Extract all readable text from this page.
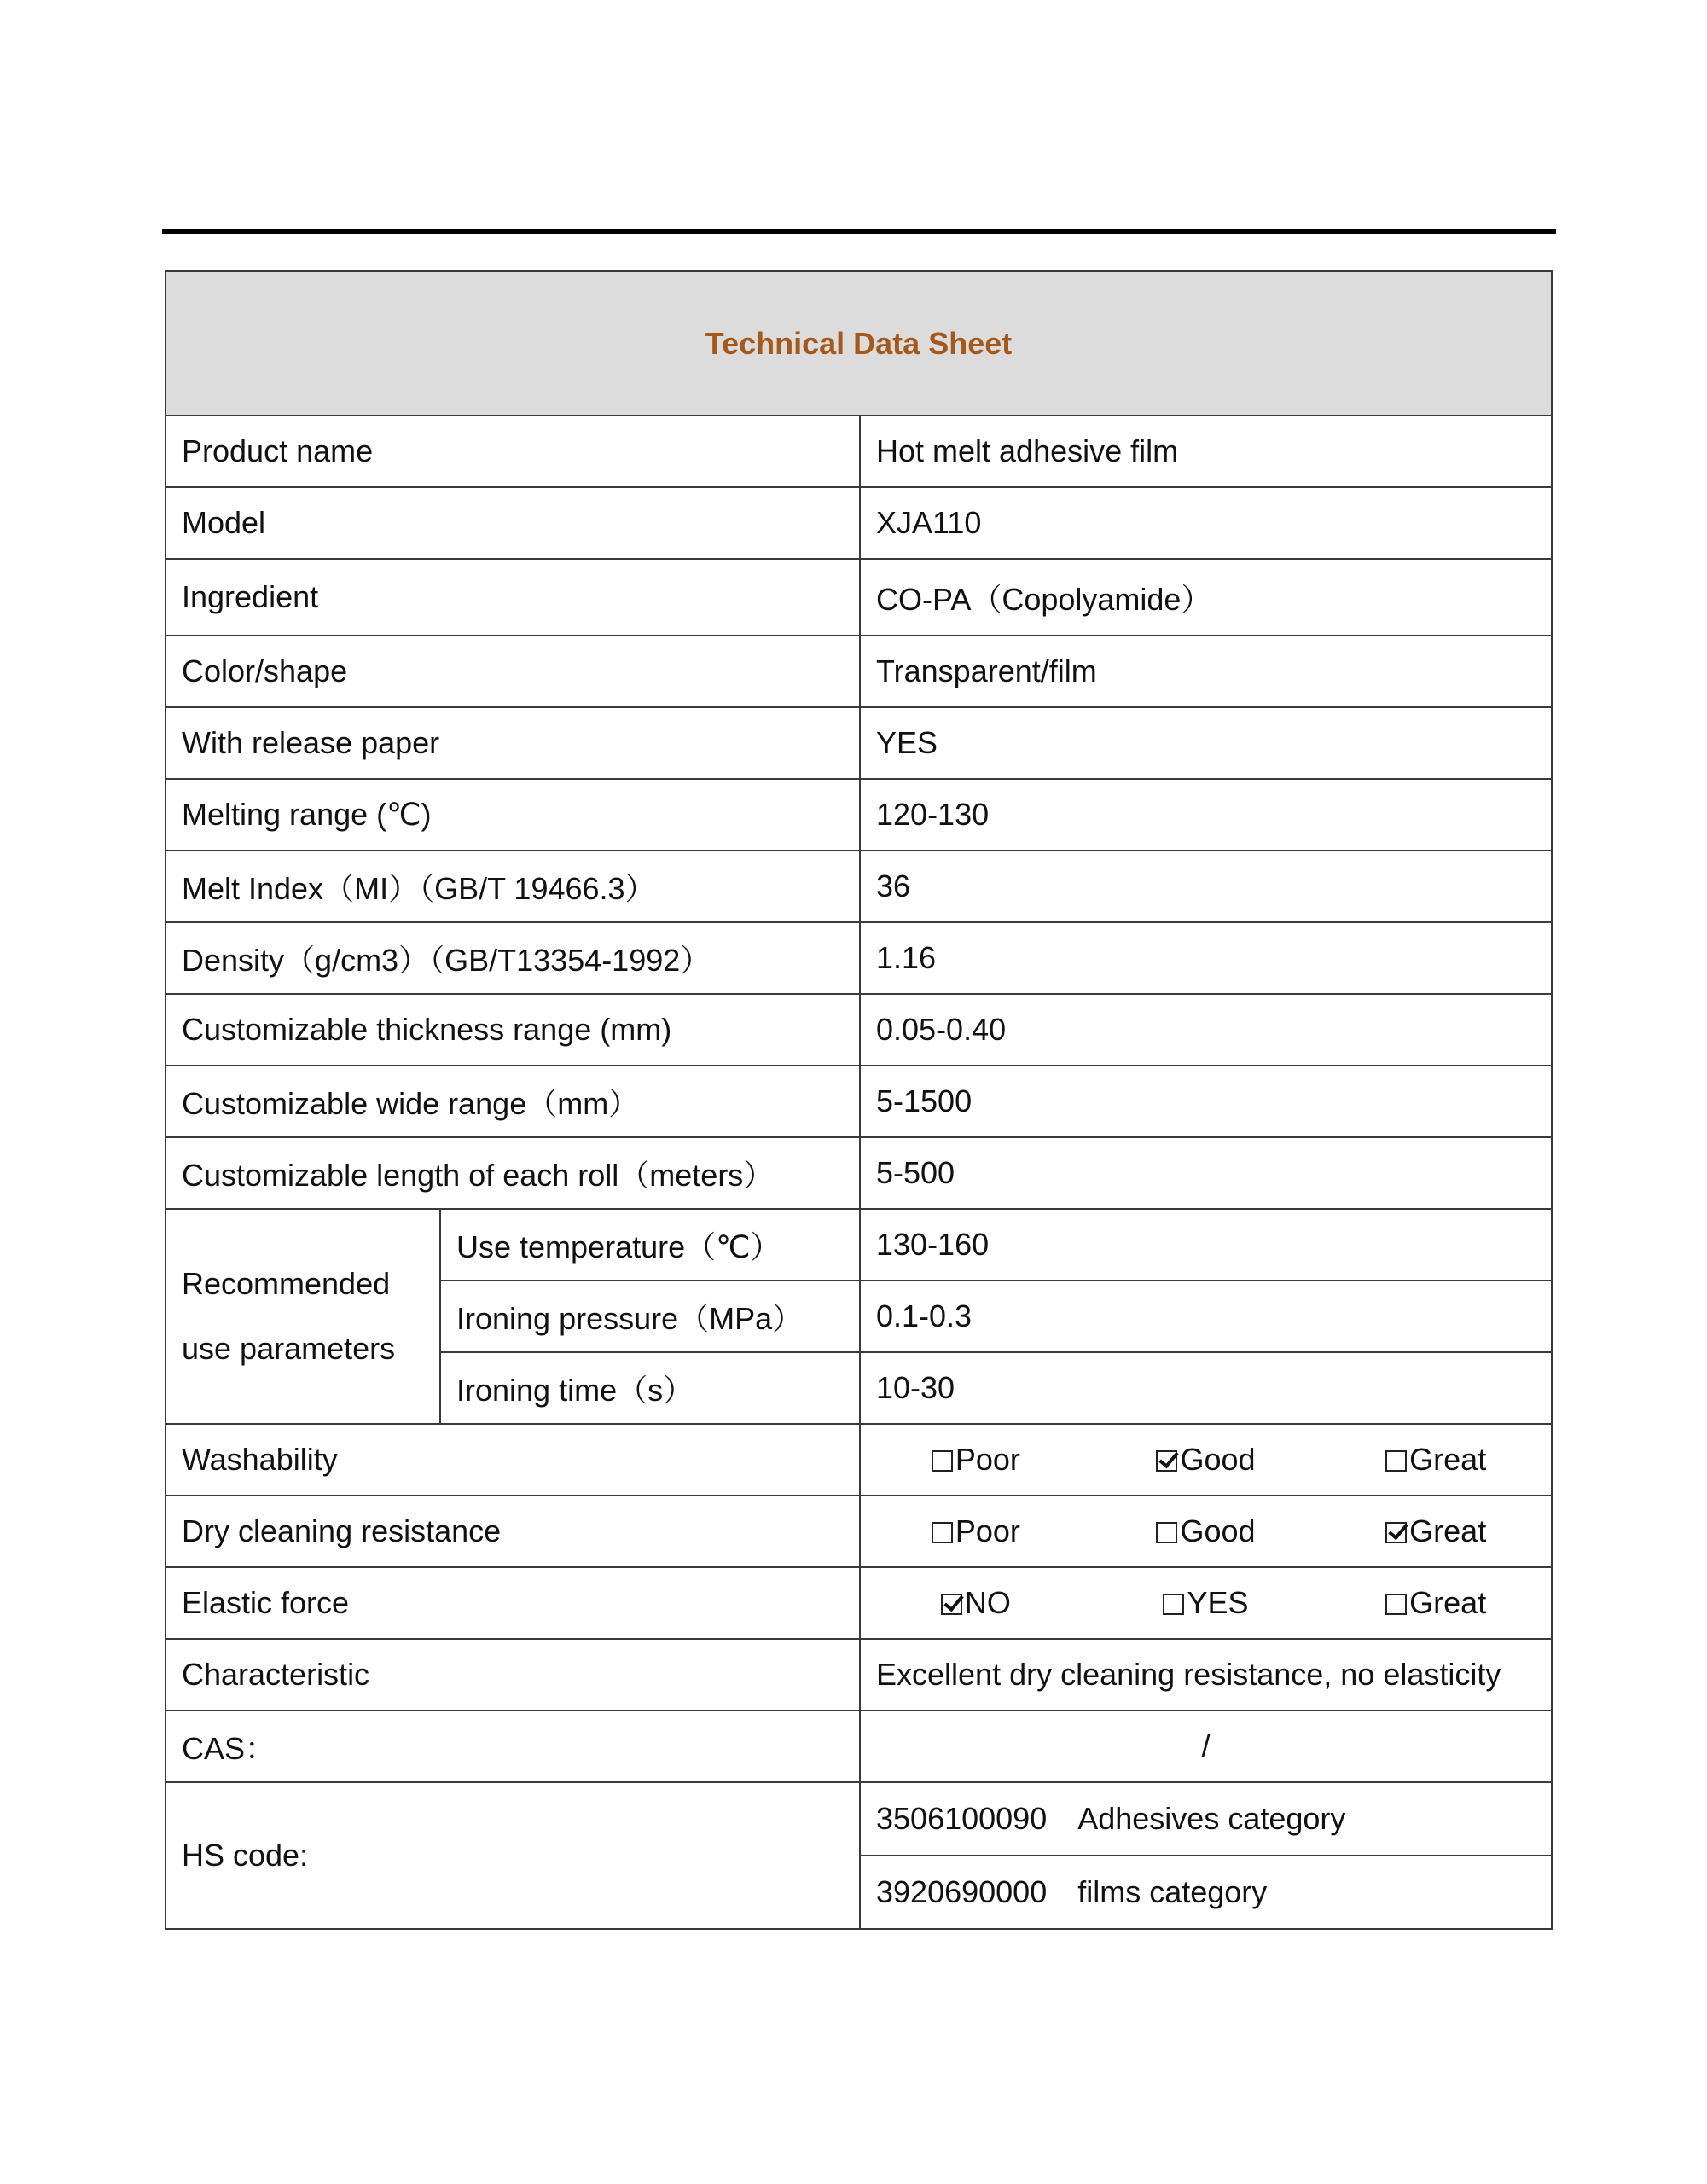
Technical Data Sheet		
Product name		Hot melt adhesive film
Model		XJA110
Ingredient		CO-PA（Copolyamide）
Color/shape		Transparent/film
With release paper		YES
Melting range (℃)		120-130
Melt Index（MI）（GB/T 19466.3）		36
Density（g/cm3）（GB/T13354-1992）		1.16
Customizable thickness range (mm)		0.05-0.40
Customizable wide range（mm）		5-1500
Customizable length of each roll（meters）		5-500
Recommended
use parameters	Use temperature（℃）	130-160
	Ironing pressure（MPa）	0.1-0.3
	Ironing time（s）	10-30
Washability		Poor Good Great

Dry cleaning resistance		Poor Good Great

Elastic force		NO YES Great

Characteristic		Excellent dry cleaning resistance, no elasticity
CAS：		/
HS code:		3506100090 Adhesives category
		3920690000 films category
